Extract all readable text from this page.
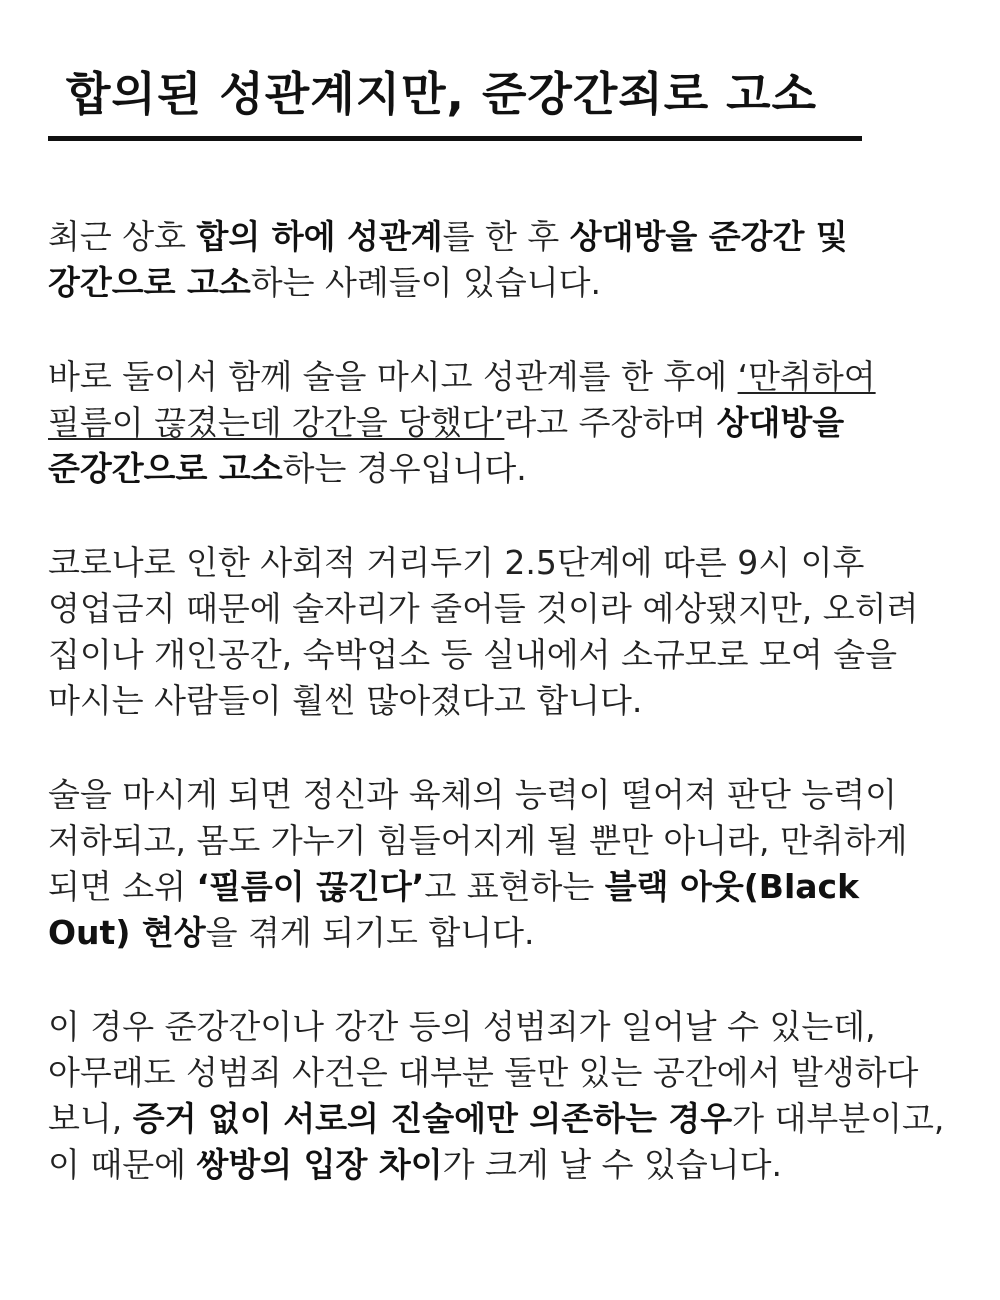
합의된 성관계지만, 준강간죄로 고소

최근 상호 합의 하에 성관계를 한 후 상대방을 준강간 및 강간으로 고소하는 사례들이 있습니다.

바로 둘이서 함께 술을 마시고 성관계를 한 후에 ‘만취하여 필름이 끊겼는데 강간을 당했다’라고 주장하며 상대방을 준강간으로 고소하는 경우입니다.

코로나로 인한 사회적 거리두기 2.5단계에 따른 9시 이후 영업금지 때문에 술자리가 줄어들 것이라 예상됐지만, 오히려 집이나 개인공간, 숙박업소 등 실내에서 소규모로 모여 술을 마시는 사람들이 훨씬 많아졌다고 합니다.

술을 마시게 되면 정신과 육체의 능력이 떨어져 판단 능력이 저하되고, 몸도 가누기 힘들어지게 될 뿐만 아니라, 만취하게 되면 소위 ‘필름이 끊긴다’고 표현하는 블랙 아웃(Black Out) 현상을 겪게 되기도 합니다.

이 경우 준강간이나 강간 등의 성범죄가 일어날 수 있는데, 아무래도 성범죄 사건은 대부분 둘만 있는 공간에서 발생하다 보니, 증거 없이 서로의 진술에만 의존하는 경우가 대부분이고, 이 때문에 쌍방의 입장 차이가 크게 날 수 있습니다.
